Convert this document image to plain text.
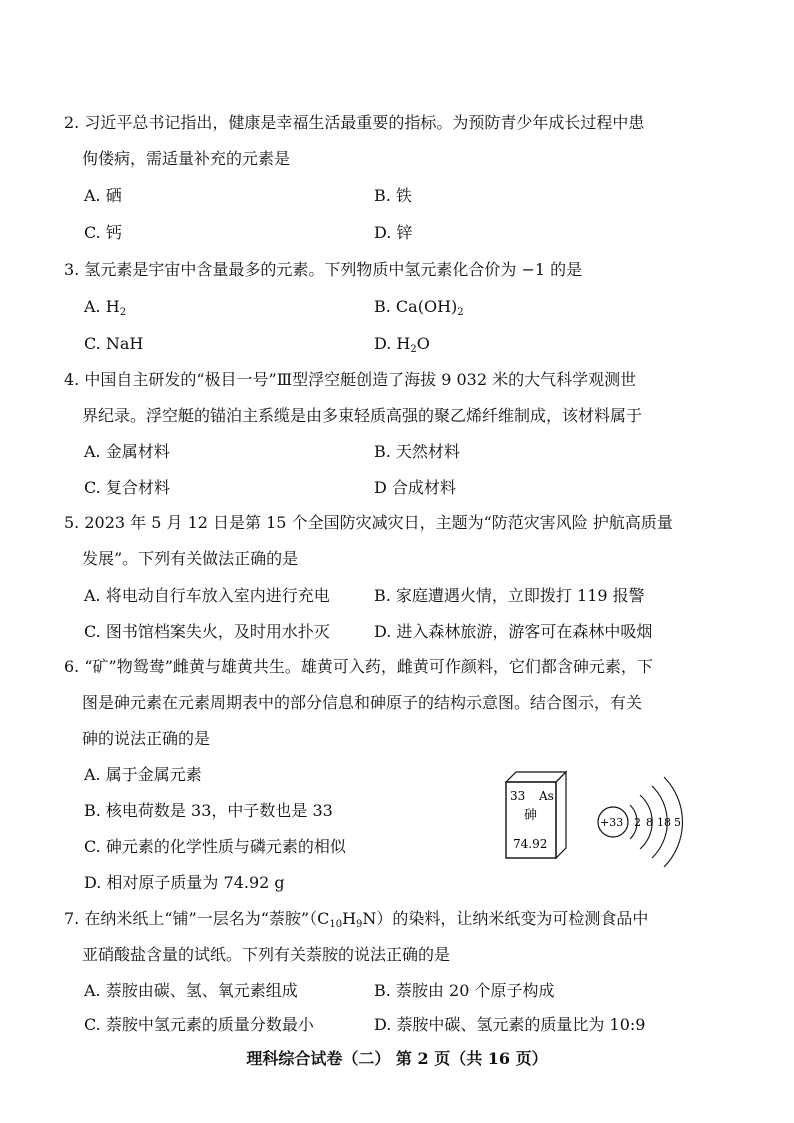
2. 习近平总书记指出，健康是幸福生活最重要的指标。为预防青少年成长过程中患
佝偻病，需适量补充的元素是
A. 硒	B. 铁
C. 钙	D. 锌
3. 氢元素是宇宙中含量最多的元素。下列物质中氢元素化合价为 −1 的是
A. $H_2$	B. $Ca(OH)_2$
C. NaH	D. $H_2O$
4. 中国自主研发的“极目一号”Ⅲ型浮空艇创造了海拔 9 032 米的大气科学观测世
界纪录。浮空艇的锚泊主系缆是由多束轻质高强的聚乙烯纤维制成，该材料属于
A. 金属材料	B. 天然材料
C. 复合材料	D 合成材料
5. 2023 年 5 月 12 日是第 15 个全国防灾减灾日，主题为“防范灾害风险 护航高质量
发展”。下列有关做法正确的是
A. 将电动自行车放入室内进行充电	B. 家庭遭遇火情，立即拨打 119 报警
C. 图书馆档案失火，及时用水扑灭	D. 进入森林旅游，游客可在森林中吸烟
6. “矿”物鸳鸯”雌黄与雄黄共生。雄黄可入药，雌黄可作颜料，它们都含砷元素，下
图是砷元素在元素周期表中的部分信息和砷原子的结构示意图。结合图示，有关
砷的说法正确的是
A. 属于金属元素
B. 核电荷数是 33，中子数也是 33
C. 砷元素的化学性质与磷元素的相似
D. 相对原子质量为 74.92 g
33 As
砷
74.92
+33 2 8 18 5
7. 在纳米纸上“铺”一层名为“萘胺$”(C_{10}H_9N)$的染料，让纳米纸变为可检测食品中
亚硝酸盐含量的试纸。下列有关萘胺的说法正确的是
A. 萘胺由碳、氢、氧元素组成	B. 萘胺由 20 个原子构成
C. 萘胺中氢元素的质量分数最小	D. 萘胺中碳、氢元素的质量比为 10:9
理科综合试卷（二） 第 2 页（共 16 页）
